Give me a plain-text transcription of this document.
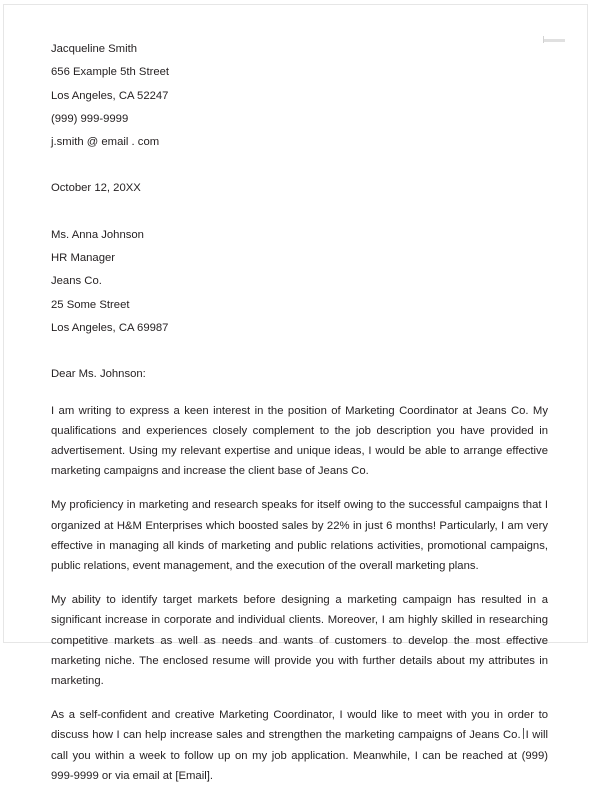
Jacqueline Smith
656 Example 5th Street
Los Angeles, CA 52247
(999) 999-9999
j.smith @ email . com
October 12, 20XX
Ms. Anna Johnson
HR Manager
Jeans Co.
25 Some Street
Los Angeles, CA 69987
Dear Ms. Johnson:

I am writing to express a keen interest in the position of Marketing Coordinator at Jeans Co. My qualifications and experiences closely complement to the job description you have provided in advertisement. Using my relevant expertise and unique ideas, I would be able to arrange effective marketing campaigns and increase the client base of Jeans Co.

My proficiency in marketing and research speaks for itself owing to the successful campaigns that I organized at H&M Enterprises which boosted sales by 22% in just 6 months! Particularly, I am very effective in managing all kinds of marketing and public relations activities, promotional campaigns, public relations, event management, and the execution of the overall marketing plans.

My ability to identify target markets before designing a marketing campaign has resulted in a significant increase in corporate and individual clients. Moreover, I am highly skilled in researching competitive markets as well as needs and wants of customers to develop the most effective marketing niche. The enclosed resume will provide you with further details about my attributes in marketing.

As a self-confident and creative Marketing Coordinator, I would like to meet with you in order to discuss how I can help increase sales and strengthen the marketing campaigns of Jeans Co. I will call you within a week to follow up on my job application. Meanwhile, I can be reached at (999) 999-9999 or via email at [Email].
